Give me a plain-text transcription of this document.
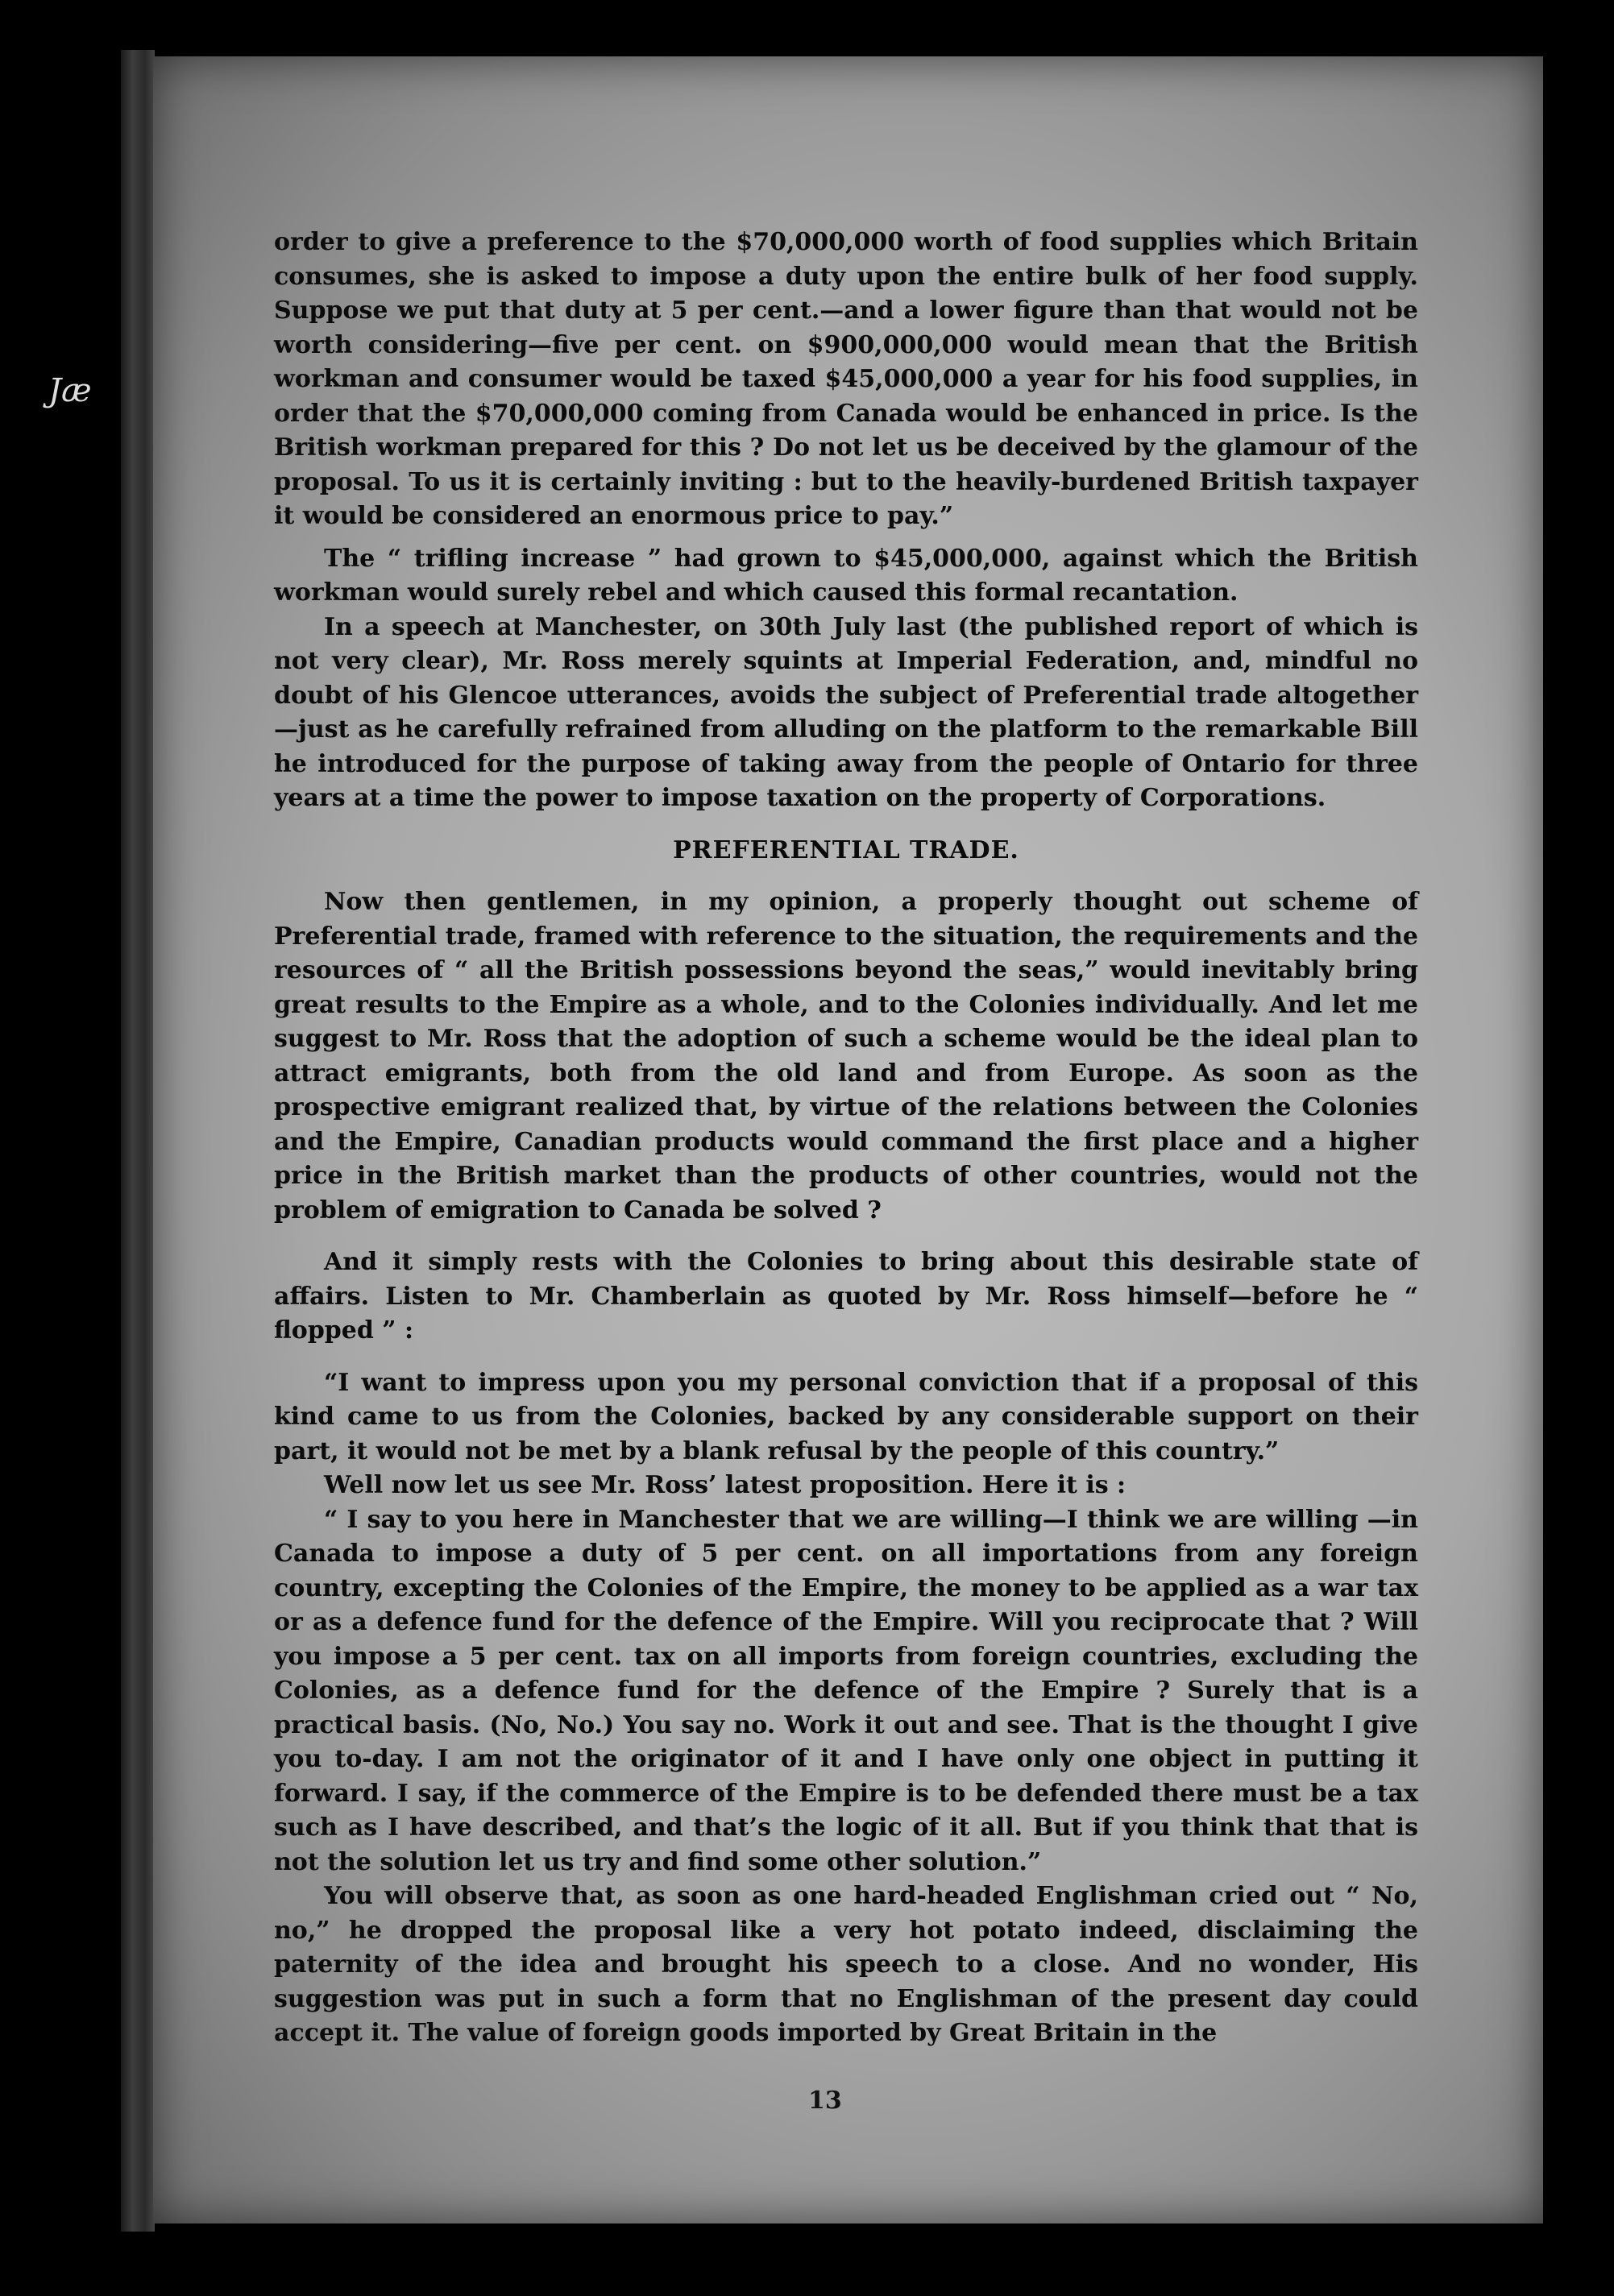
Jæ

order to give a preference to the $70,000,000 worth of food supplies which Britain consumes, she is asked to impose a duty upon the entire bulk of her food supply. Suppose we put that duty at 5 per cent.—and a lower figure than that would not be worth considering—five per cent. on $900,000,000 would mean that the British workman and consumer would be taxed $45,000,000 a year for his food supplies, in order that the $70,000,000 coming from Canada would be enhanced in price. Is the British workman prepared for this ? Do not let us be deceived by the glamour of the proposal. To us it is certainly inviting : but to the heavily-burdened British taxpayer it would be considered an enormous price to pay.”

The “ trifling increase ” had grown to $45,000,000, against which the British workman would surely rebel and which caused this formal recantation.

In a speech at Manchester, on 30th July last (the published report of which is not very clear), Mr. Ross merely squints at Imperial Federation, and, mindful no doubt of his Glencoe utterances, avoids the subject of Preferential trade altogether—just as he carefully refrained from alluding on the platform to the remarkable Bill he introduced for the purpose of taking away from the people of Ontario for three years at a time the power to impose taxation on the property of Corporations.

PREFERENTIAL TRADE.

Now then gentlemen, in my opinion, a properly thought out scheme of Preferential trade, framed with reference to the situation, the requirements and the resources of “ all the British possessions beyond the seas,” would inevitably bring great results to the Empire as a whole, and to the Colonies individually. And let me suggest to Mr. Ross that the adoption of such a scheme would be the ideal plan to attract emigrants, both from the old land and from Europe. As soon as the prospective emigrant realized that, by virtue of the relations between the Colonies and the Empire, Canadian products would command the first place and a higher price in the British market than the products of other countries, would not the problem of emigration to Canada be solved ?

And it simply rests with the Colonies to bring about this desirable state of affairs. Listen to Mr. Chamberlain as quoted by Mr. Ross himself—before he “ flopped ” :

“I want to impress upon you my personal conviction that if a proposal of this kind came to us from the Colonies, backed by any considerable support on their part, it would not be met by a blank refusal by the people of this country.”

Well now let us see Mr. Ross’ latest proposition. Here it is :

“ I say to you here in Manchester that we are willing—I think we are willing —in Canada to impose a duty of 5 per cent. on all importations from any foreign country, excepting the Colonies of the Empire, the money to be applied as a war tax or as a defence fund for the defence of the Empire. Will you reciprocate that ? Will you impose a 5 per cent. tax on all imports from foreign countries, excluding the Colonies, as a defence fund for the defence of the Empire ? Surely that is a practical basis. (No, No.) You say no. Work it out and see. That is the thought I give you to-day. I am not the originator of it and I have only one object in putting it forward. I say, if the commerce of the Empire is to be defended there must be a tax such as I have described, and that’s the logic of it all. But if you think that that is not the solution let us try and find some other solution.”

You will observe that, as soon as one hard-headed Englishman cried out “ No, no,” he dropped the proposal like a very hot potato indeed, disclaiming the paternity of the idea and brought his speech to a close. And no wonder, His suggestion was put in such a form that no Englishman of the present day could accept it. The value of foreign goods imported by Great Britain in the

13
